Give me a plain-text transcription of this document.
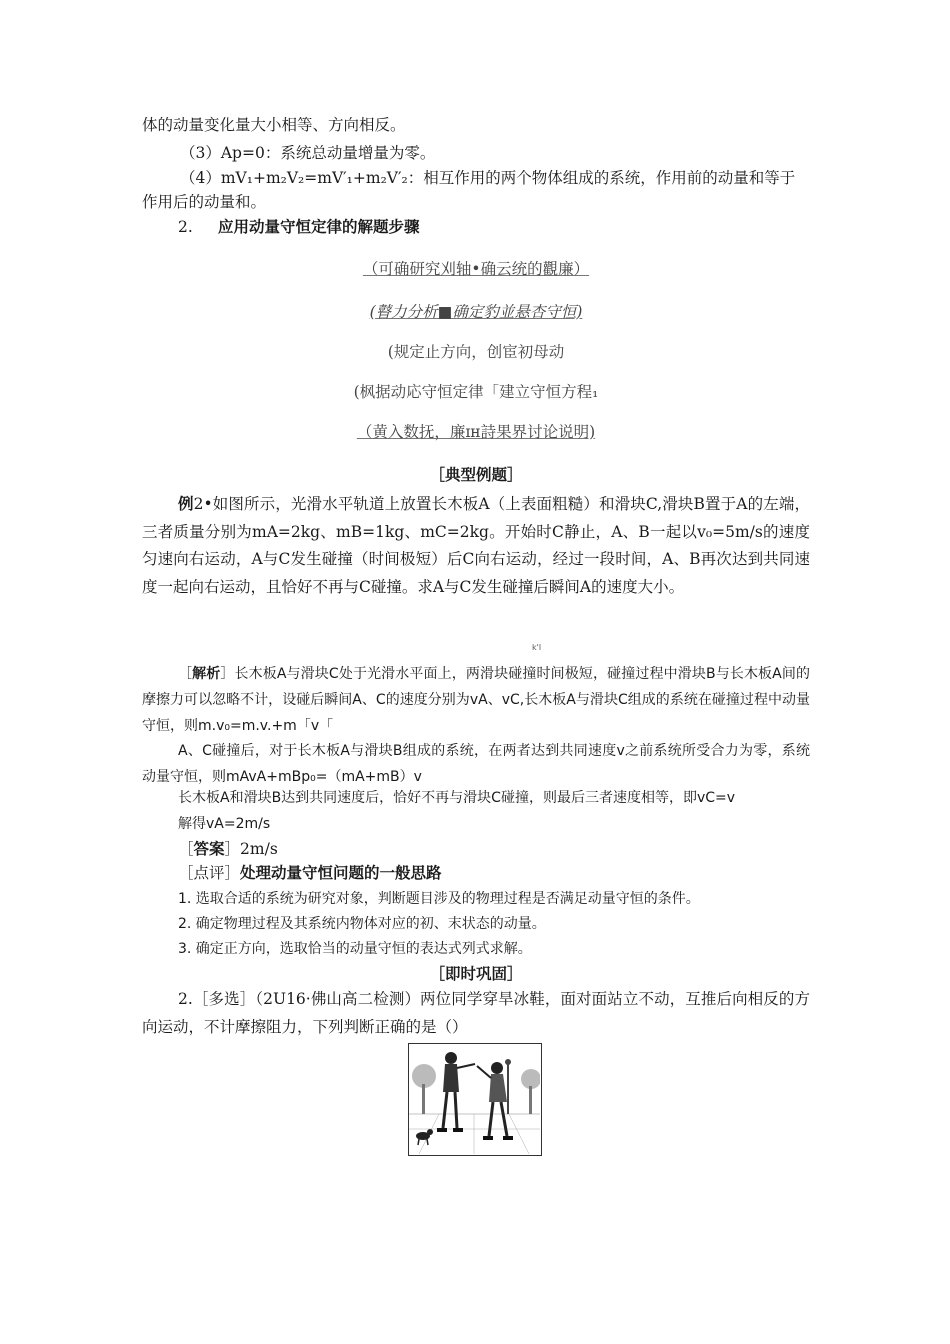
体的动量变化量大小相等、方向相反。
（3）Ap=0：系统总动量增量为零。
（4）mV₁+m₂V₂=mV′₁+m₂V′₂：相互作用的两个物体组成的系统，作用前的动量和等于
作用后的动量和。
2.	应用动量守恒定律的解题步骤
（可确研究刈轴•确云统的觀廉）
(瞽力分析■确定豹並悬杏守恒)
(规定止方向，创宦初母动
(枫据动応守恒定律「建立守恒方程₁
（黄入数抚，廉ɪʜ詩果界讨论说明)
［典型例题］
例2•如图所示，光滑水平轨道上放置长木板A（上表面粗糙）和滑块C,滑块B置于A的左端，三者质量分别为mA=2kg、mB=1kg、mC=2kg。开始时C静止，A、B一起以v₀=5m/s的速度匀速向右运动，A与C发生碰撞（时间极短）后C向右运动，经过一段时间，A、B再次达到共同速度一起向右运动，且恰好不再与C碰撞。求A与C发生碰撞后瞬间A的速度大小。
k'l
［解析］长木板A与滑块C处于光滑水平面上，两滑块碰撞时间极短，碰撞过程中滑块B与长木板A间的摩擦力可以忽略不计，设碰后瞬间A、C的速度分别为vA、vC,长木板A与滑块C组成的系统在碰撞过程中动量守恒，则m.v₀=m.v.+m「v「
A、C碰撞后，对于长木板A与滑块B组成的系统，在两者达到共同速度v之前系统所受合力为零，系统动量守恒，则mAvA+mBp₀=（mA+mB）v
长木板A和滑块B达到共同速度后，恰好不再与滑块C碰撞，则最后三者速度相等，即vC=v
解得vA=2m/s
［答案］2m/s
［点评］处理动量守恒问题的一般思路
1. 选取合适的系统为研究对象，判断题目涉及的物理过程是否满足动量守恒的条件。
2. 确定物理过程及其系统内物体对应的初、末状态的动量。
3. 确定正方向，选取恰当的动量守恒的表达式列式求解。
［即时巩固］
2.［多选］（2U16·佛山高二检测）两位同学穿旱冰鞋，面对面站立不动，互推后向相反的方向运动，不计摩擦阻力，下列判断正确的是（）
